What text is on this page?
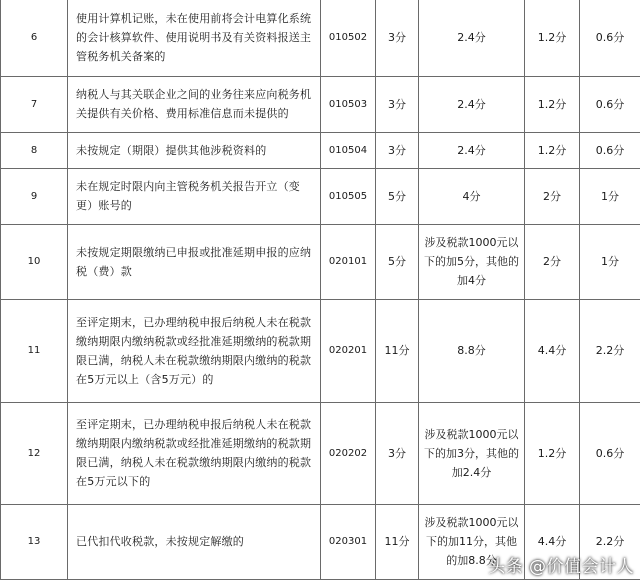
6	使用计算机记账，未在使用前将会计电算化系统的会计核算软件、使用说明书及有关资料报送主管税务机关备案的	010502	3分	2.4分	1.2分	0.6分
7	纳税人与其关联企业之间的业务往来应向税务机关提供有关价格、费用标准信息而未提供的	010503	3分	2.4分	1.2分	0.6分
8	未按规定（期限）提供其他涉税资料的	010504	3分	2.4分	1.2分	0.6分
9	未在规定时限内向主管税务机关报告开立（变更）账号的	010505	5分	4分	2分	1分
10	未按规定期限缴纳已申报或批准延期申报的应纳税（费）款	020101	5分	涉及税款1000元以下的加5分，其他的加4分	2分	1分
11	至评定期末，已办理纳税申报后纳税人未在税款缴纳期限内缴纳税款或经批准延期缴纳的税款期限已满，纳税人未在税款缴纳期限内缴纳的税款在5万元以上（含5万元）的	020201	11分	8.8分	4.4分	2.2分
12	至评定期末，已办理纳税申报后纳税人未在税款缴纳期限内缴纳税款或经批准延期缴纳的税款期限已满，纳税人未在税款缴纳期限内缴纳的税款在5万元以下的	020202	3分	涉及税款1000元以下的加3分，其他的加2.4分	1.2分	0.6分
13	已代扣代收税款，未按规定解缴的	020301	11分	涉及税款1000元以下的加11分，其他的加8.8分	4.4分	2.2分
头条 @价值会计人
